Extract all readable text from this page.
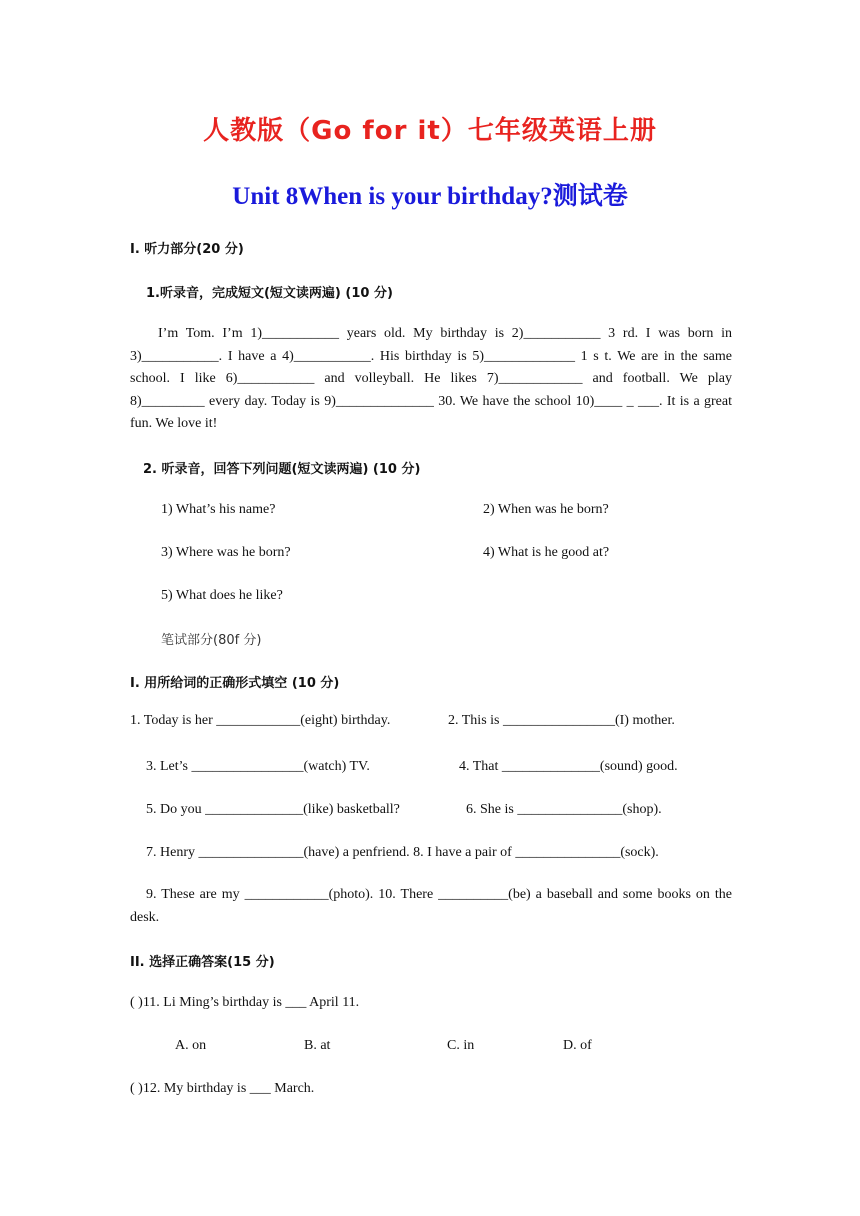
人教版（Go for it）七年级英语上册
Unit 8When is your birthday?测试卷
I. 听力部分(20 分)
1.听录音，完成短文(短文读两遍) (10 分)
I’m Tom. I’m 1)___________ years old. My birthday is 2)___________ 3 rd. I was born in 3)___________. I have a 4)___________. His birthday is 5)_____________ 1 s t. We are in the same school. I like 6)___________ and volleyball. He likes 7)____________ and football. We play 8)_________ every day. Today is 9)______________ 30. We have the school 10)____ _ ___. It is a great fun. We love it!
2. 听录音，回答下列问题(短文读两遍) (10 分)
1) What’s his name?	2) When was he born?
3) Where was he born?	4) What is he good at?
5) What does he like?
笔试部分(80f 分)
I. 用所给词的正确形式填空 (10 分)
1. Today is her ____________(eight) birthday.	2. This is ________________(I) mother.
3. Let’s ________________(watch) TV.	4. That ______________(sound) good.
5. Do you ______________(like) basketball?	6. She is _______________(shop).
7. Henry _______________(have) a penfriend. 8. I have a pair of _______________(sock).
9. These are my ____________(photo). 10. There __________(be) a baseball and some books on the desk.
II. 选择正确答案(15 分)
( )11. Li Ming’s birthday is ___ April 11.
A. on	B. at	C. in	D. of
( )12. My birthday is ___ March.
